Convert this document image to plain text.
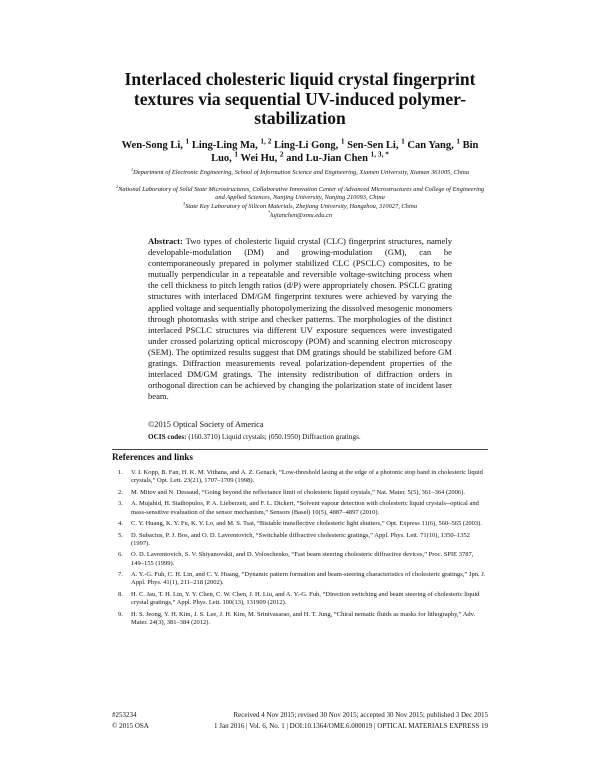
Interlaced cholesteric liquid crystal fingerprint textures via sequential UV-induced polymer-stabilization
Wen-Song Li, $^1$ Ling-Ling Ma, $^{1, 2}$ Ling-Li Gong, $^1$ Sen-Sen Li, $^1$ Can Yang, $^1$ Bin Luo, $^1$ Wei Hu, $^2$ and Lu-Jian Chen $^{1, 3, *}$
$^1$Department of Electronic Engineering, School of Information Science and Engineering, Xiamen University, Xiamen 361005, China
$^2$National Laboratory of Solid State Microstructures, Collaborative Innovation Center of Advanced Microstructures and College of Engineering and Applied Sciences, Nanjing University, Nanjing 210093, China
$^3$State Key Laboratory of Silicon Materials, Zhejiang University, Hangzhou, 310027, China
*lujianchen@xmu.edu.cn
Abstract: Two types of cholesteric liquid crystal (CLC) fingerprint structures, namely developable-modulation (DM) and growing-modulation (GM), can be contemporaneously prepared in polymer stabilized CLC (PSCLC) composites, to be mutually perpendicular in a repeatable and reversible voltage-switching process when the cell thickness to pitch length ratios (d/P) were appropriately chosen. PSCLC grating structures with interlaced DM/GM fingerprint textures were achieved by varying the applied voltage and sequentially photopolymerizing the dissolved mesogenic monomers through photomasks with stripe and checker patterns. The morphologies of the distinct interlaced PSCLC structures via different UV exposure sequences were investigated under crossed polarizing optical microscopy (POM) and scanning electron microscopy (SEM). The optimized results suggest that DM gratings should be stabilized before GM gratings. Diffraction measurements reveal polarization-dependent properties of the interlaced DM/GM gratings. The intensity redistribution of diffraction orders in orthogonal direction can be achieved by changing the polarization state of incident laser beam.
©2015 Optical Society of America
OCIS codes: (160.3710) Liquid crystals; (050.1950) Diffraction gratings.
References and links
1. V. I. Kopp, B. Fan, H. K. M. Vithana, and A. Z. Genack, “Low-threshold lasing at the edge of a photonic stop band in cholesteric liquid crystals,” Opt. Lett. 23(21), 1707–1709 (1998).
2. M. Mitov and N. Dessaud, “Going beyond the reflectance limit of cholesteric liquid crystals,” Nat. Mater. 5(5), 361–364 (2006).
3. A. Mujahid, H. Stathopulos, P. A. Lieberzeit, and F. L. Dickert, “Solvent vapour detection with cholesteric liquid crystals--optical and mass-sensitive evaluation of the sensor mechanism,” Sensors (Basel) 10(5), 4887–4897 (2010).
4. C. Y. Huang, K. Y. Fu, K. Y. Lo, and M. S. Tsai, “Bistable transflective cholesteric light shutters,” Opt. Express 11(6), 560–565 (2003).
5. D. Subacius, P. J. Bos, and O. D. Lavrentovich, “Switchable diffractive cholesteric gratings,” Appl. Phys. Lett. 71(10), 1350–1352 (1997).
6. O. D. Lavrentovich, S. V. Shiyanovskii, and D. Voloschenko, “Fast beam steering cholesteric diffractive devices,” Proc. SPIE 3787, 149–155 (1999).
7. A. Y.-G. Fuh, C. H. Lin, and C. Y. Huang, “Dynamic pattern formation and beam-steering characteristics of cholesteric gratings,” Jpn. J. Appl. Phys. 41(1), 211–218 (2002).
8. H. C. Jau, T. H. Lin, Y. Y. Chen, C. W. Chen, J. H. Liu, and A. Y.-G. Fuh, “Direction switching and beam steering of cholesteric liquid crystal gratings,” Appl. Phys. Lett. 100(13), 131909 (2012).
9. H. S. Jeong, Y. H. Kim, J. S. Lee, J. H. Kim, M. Srinivasarao, and H. T. Jung, “Chiral nematic fluids as masks for lithography,” Adv. Mater. 24(3), 381–384 (2012).
#253234	Received 4 Nov 2015; revised 30 Nov 2015; accepted 30 Nov 2015; published 3 Dec 2015
© 2015 OSA	1 Jan 2016 | Vol. 6, No. 1 | DOI:10.1364/OME.6.000019 | OPTICAL MATERIALS EXPRESS 19
